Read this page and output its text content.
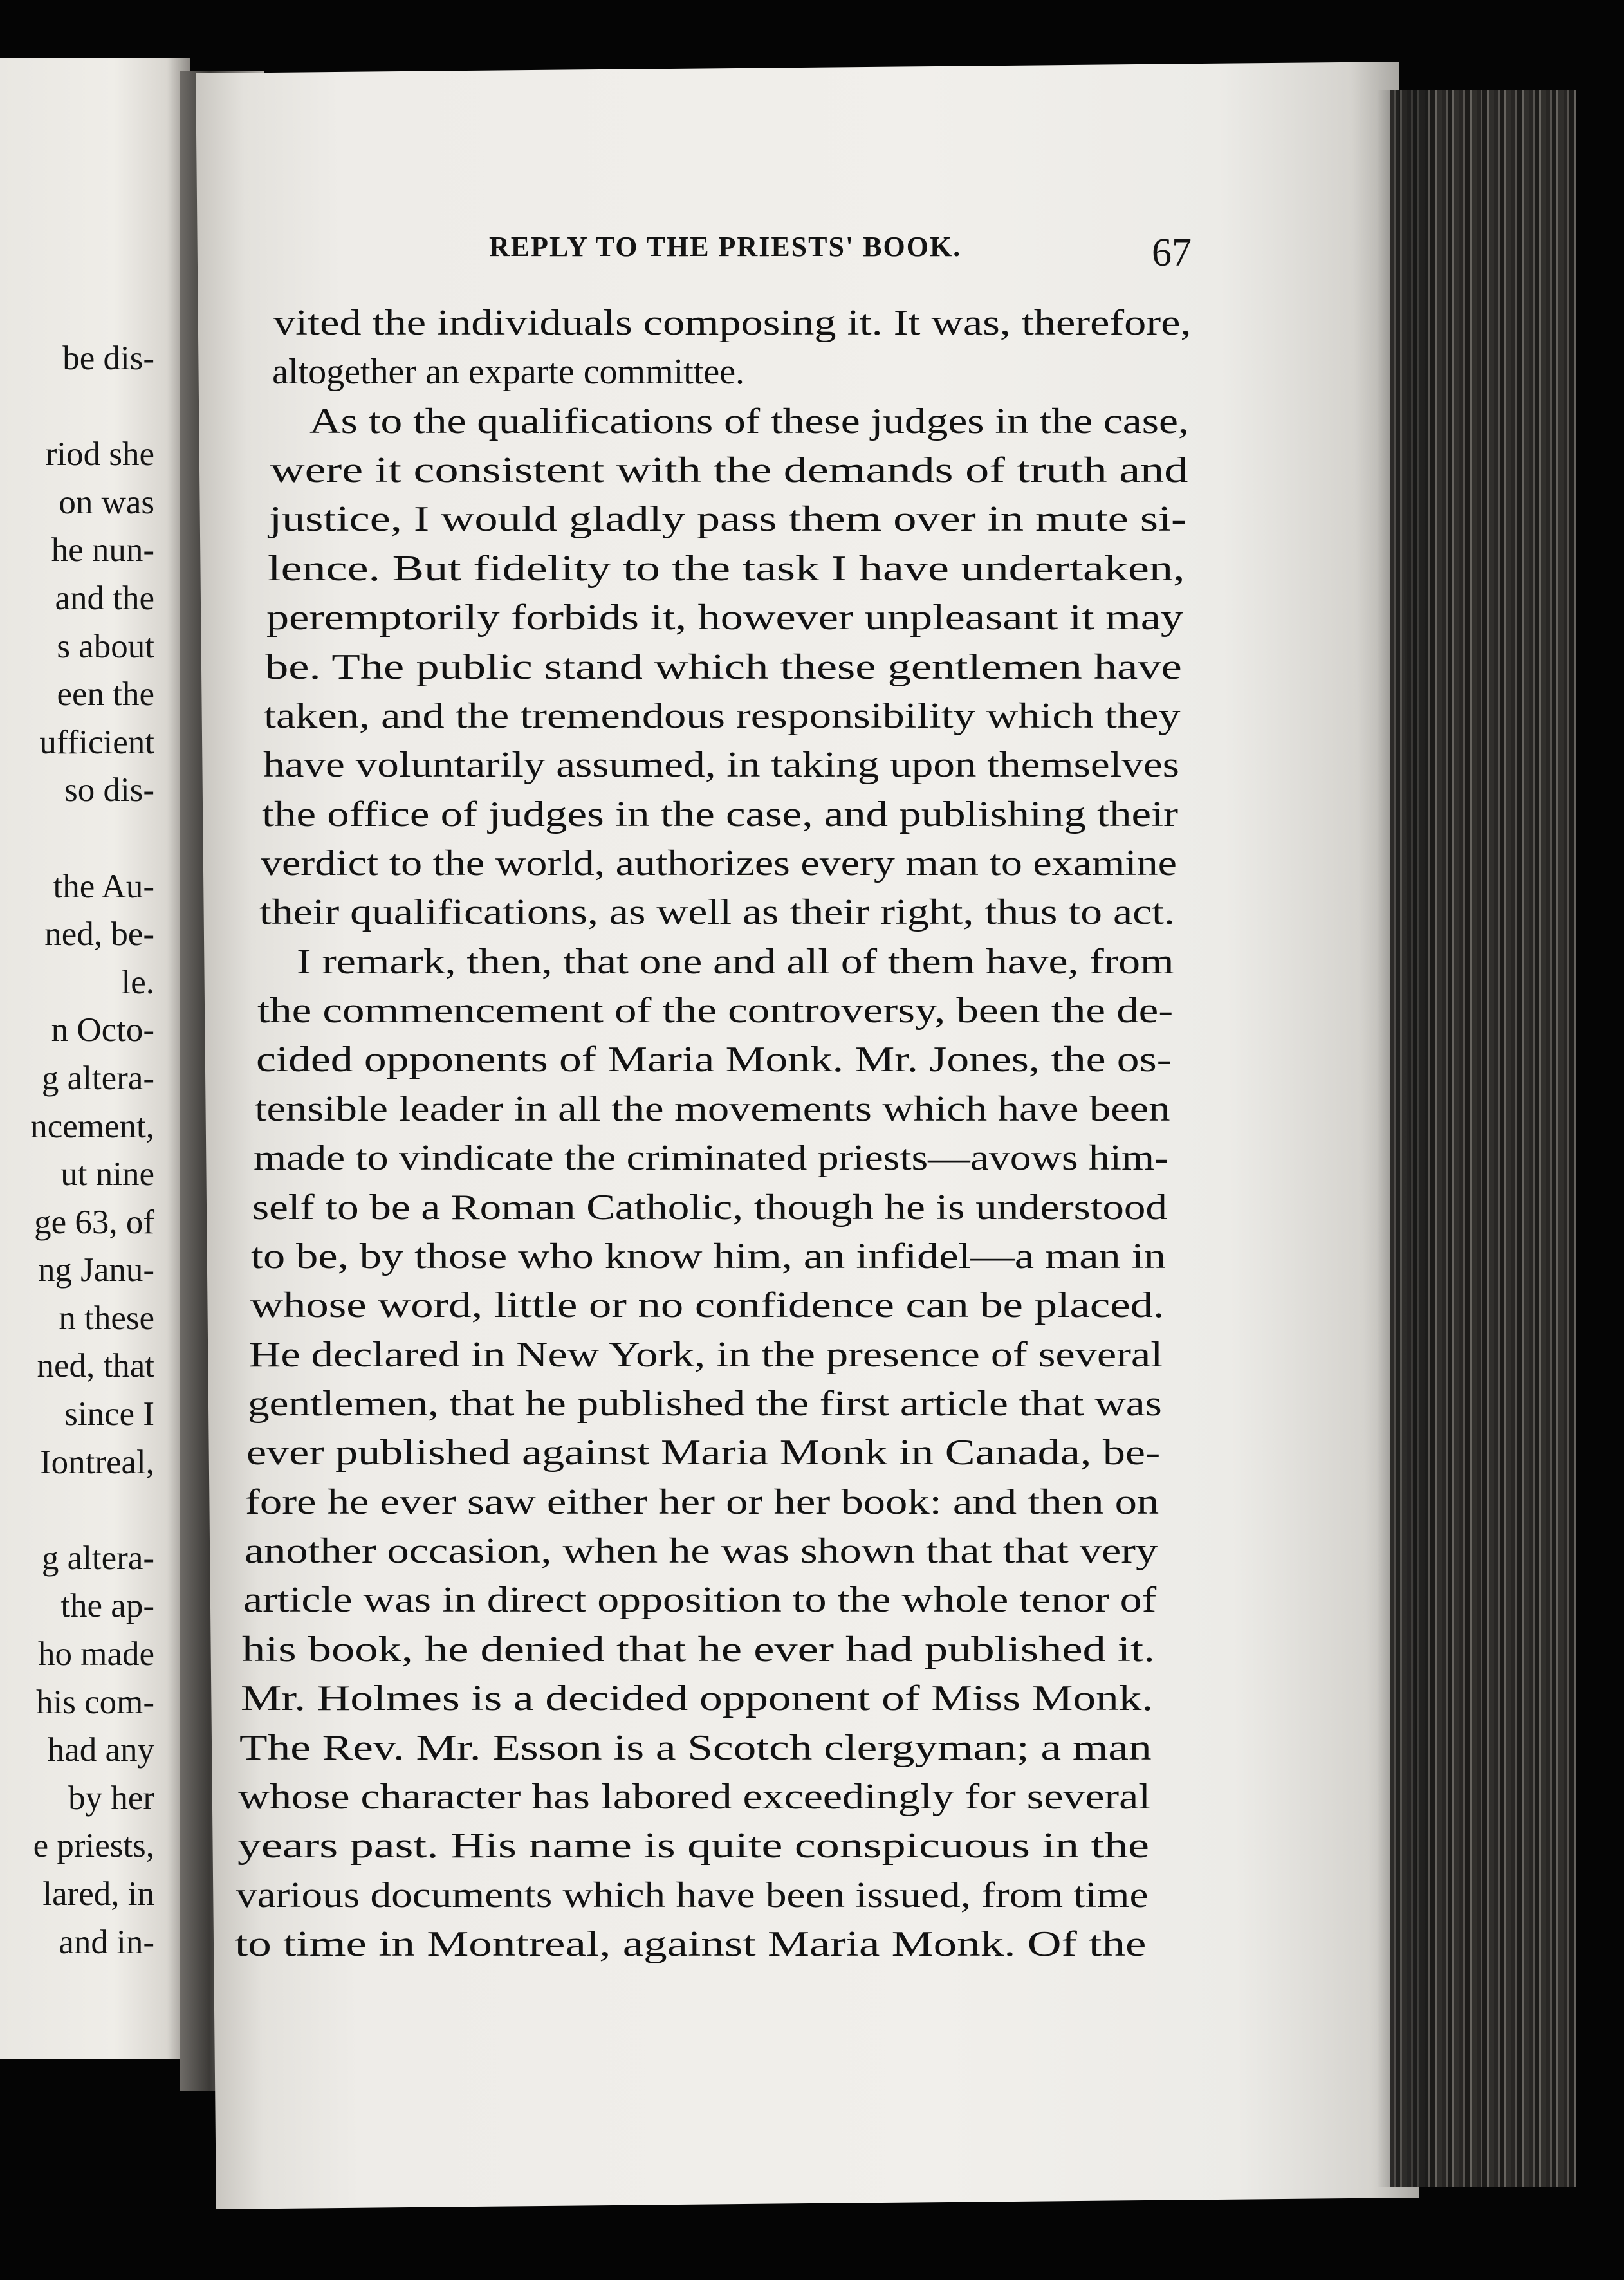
be dis-
riod she
on was
he nun-
and the
s about
een the
ufficient
so dis-
the Au-
ned, be-
le.
n Octo-
g altera-
ncement,
ut nine
ge 63, of
ng Janu-
n these
ned, that
since I
Iontreal,
g altera-
the ap-
ho made
his com-
had any
by her
e priests,
lared, in
and in-
REPLY TO THE PRIESTS' BOOK.	67
vited the individuals composing it. It was, therefore,
altogether an exparte committee.
As to the qualifications of these judges in the case,
were it consistent with the demands of truth and
justice, I would gladly pass them over in mute si-
lence. But fidelity to the task I have undertaken,
peremptorily forbids it, however unpleasant it may
be. The public stand which these gentlemen have
taken, and the tremendous responsibility which they
have voluntarily assumed, in taking upon themselves
the office of judges in the case, and publishing their
verdict to the world, authorizes every man to examine
their qualifications, as well as their right, thus to act.
I remark, then, that one and all of them have, from
the commencement of the controversy, been the de-
cided opponents of Maria Monk. Mr. Jones, the os-
tensible leader in all the movements which have been
made to vindicate the criminated priests—avows him-
self to be a Roman Catholic, though he is understood
to be, by those who know him, an infidel—a man in
whose word, little or no confidence can be placed.
He declared in New York, in the presence of several
gentlemen, that he published the first article that was
ever published against Maria Monk in Canada, be-
fore he ever saw either her or her book: and then on
another occasion, when he was shown that that very
article was in direct opposition to the whole tenor of
his book, he denied that he ever had published it.
Mr. Holmes is a decided opponent of Miss Monk.
The Rev. Mr. Esson is a Scotch clergyman; a man
whose character has labored exceedingly for several
years past. His name is quite conspicuous in the
various documents which have been issued, from time
to time in Montreal, against Maria Monk. Of the
